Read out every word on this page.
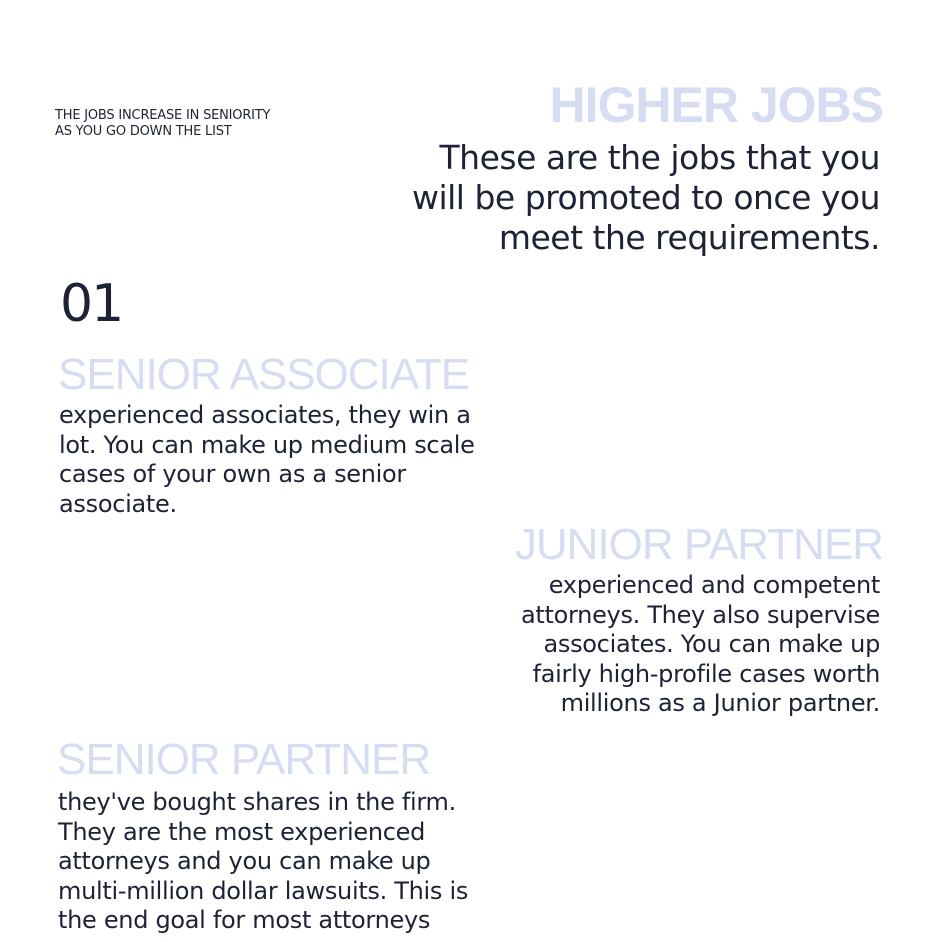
THE JOBS INCREASE IN SENIORITY
AS YOU GO DOWN THE LIST	HIGHER JOBS
These are the jobs that you will be promoted to once you meet the requirements.
01
SENIOR ASSOCIATE
experienced associates, they win a lot. You can make up medium scale cases of your own as a senior associate.
JUNIOR PARTNER
experienced and competent attorneys. They also supervise associates. You can make up fairly high-profile cases worth millions as a Junior partner.
SENIOR PARTNER
they've bought shares in the firm. They are the most experienced attorneys and you can make up multi-million dollar lawsuits. This is the end goal for most attorneys
